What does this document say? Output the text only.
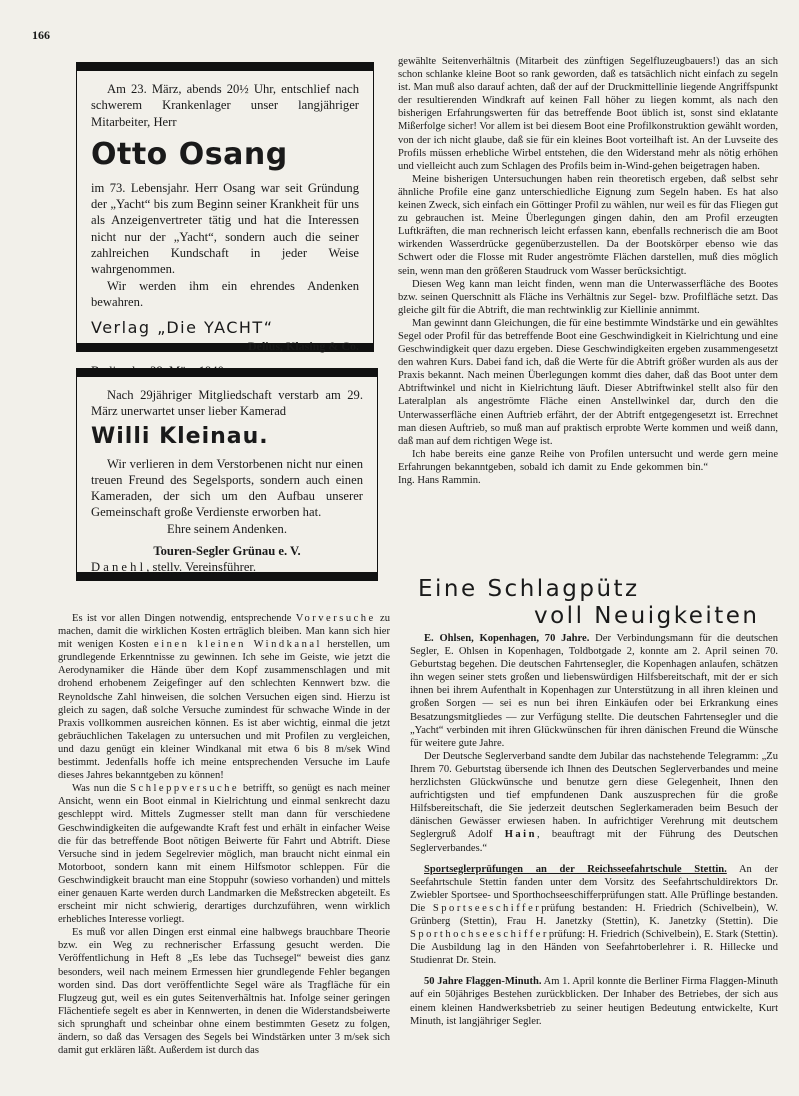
166

Am 23. März, abends 20½ Uhr, entschlief nach schwerem Krankenlager unser langjähriger Mitarbeiter, Herr

Otto Osang

im 73. Lebensjahr. Herr Osang war seit Gründung der „Yacht“ bis zum Beginn seiner Krankheit für uns als Anzeigenvertreter tätig und hat die Interessen nicht nur der „Yacht“, sondern auch die seiner zahlreichen Kundschaft in jeder Weise wahrgenommen.

Wir werden ihm ein ehrendes Andenken bewahren.

Verlag „Die YACHT“

Delius, Klasing & Co.

Berlin, den 28. März 1940.

Nach 29jähriger Mitgliedschaft verstarb am 29. März unerwartet unser lieber Kamerad

Willi Kleinau.

Wir verlieren in dem Verstorbenen nicht nur einen treuen Freund des Segelsports, sondern auch einen Kameraden, der sich um den Aufbau unserer Gemeinschaft große Verdienste erworben hat.

Ehre seinem Andenken.

Touren-Segler Grünau e. V.

D a n e h l , stellv. Vereinsführer.

Es ist vor allen Dingen notwendig, entsprechende Vorversuche zu machen, damit die wirklichen Kosten erträglich bleiben. Man kann sich hier mit wenigen Kosten einen kleinen Windkanal herstellen, um grundlegende Erkenntnisse zu gewinnen. Ich sehe im Geiste, wie jetzt die Aerodynamiker die Hände über dem Kopf zusammenschlagen und mit drohend erhobenem Zeigefinger auf den schlechten Kennwert bzw. die Reynoldsche Zahl hinweisen, die solchen Versuchen eigen sind. Hierzu ist gleich zu sagen, daß solche Versuche zumindest für schwache Winde in der Praxis vollkommen ausreichen können. Es ist aber wichtig, einmal die jetzt gebräuchlichen Takelagen zu untersuchen und mit Profilen zu vergleichen, und dazu genügt ein kleiner Windkanal mit etwa 6 bis 8 m/sek Wind bestimmt. Jedenfalls hoffe ich meine entsprechenden Versuche im Laufe dieses Jahres bekanntgeben zu können!

Was nun die Schleppversuche betrifft, so genügt es nach meiner Ansicht, wenn ein Boot einmal in Kielrichtung und einmal senkrecht dazu geschleppt wird. Mittels Zugmesser stellt man dann für verschiedene Geschwindigkeiten die aufgewandte Kraft fest und erhält in einfacher Weise die für das betreffende Boot nötigen Beiwerte für Fahrt und Abtrift. Diese Versuche sind in jedem Segelrevier möglich, man braucht nicht einmal ein Motorboot, sondern kann mit einem Hilfsmotor schleppen. Für die Geschwindigkeit braucht man eine Stoppuhr (sowieso vorhanden) und mittels einer genauen Karte werden durch Landmarken die Meßstrecken abgeteilt. Es erscheint mir nicht schwierig, derartiges durchzuführen, wenn wirklich erhebliches Interesse vorliegt.

Es muß vor allen Dingen erst einmal eine halbwegs brauchbare Theorie bzw. ein Weg zu rechnerischer Erfassung gesucht werden. Die Veröffentlichung in Heft 8 „Es lebe das Tuchsegel“ beweist dies ganz besonders, weil nach meinem Ermessen hier grundlegende Fehler begangen worden sind. Das dort veröffentlichte Segel wäre als Tragfläche für ein Flugzeug gut, weil es ein gutes Seitenverhältnis hat. Infolge seiner geringen Flächentiefe segelt es aber in Kennwerten, in denen die Widerstandsbeiwerte sich sprunghaft und scheinbar ohne einem bestimmten Gesetz zu folgen, ändern, so daß das Versagen des Segels bei Windstärken unter 3 m/sek sich damit gut erklären läßt. Außerdem ist durch das

gewählte Seitenverhältnis (Mitarbeit des zünftigen Segelfluzeugbauers!) das an sich schon schlanke kleine Boot so rank geworden, daß es tatsächlich nicht einfach zu segeln ist. Man muß also darauf achten, daß der auf der Druckmittellinie liegende Angriffspunkt der resultierenden Windkraft auf keinen Fall höher zu liegen kommt, als nach den bisherigen Erfahrungswerten für das betreffende Boot üblich ist, sonst sind eklatante Mißerfolge sicher! Vor allem ist bei diesem Boot eine Profilkonstruktion gewählt worden, von der ich nicht glaube, daß sie für ein kleines Boot vorteilhaft ist. An der Luvseite des Profils müssen erhebliche Wirbel entstehen, die den Widerstand mehr als nötig erhöhen und vielleicht auch zum Schlagen des Profils beim in-Wind-gehen beigetragen haben.

Meine bisherigen Untersuchungen haben rein theoretisch ergeben, daß selbst sehr ähnliche Profile eine ganz unterschiedliche Eignung zum Segeln haben. Es hat also keinen Zweck, sich einfach ein Göttinger Profil zu wählen, nur weil es für das Fliegen gut zu gebrauchen ist. Meine Überlegungen gingen dahin, den am Profil erzeugten Luftkräften, die man rechnerisch leicht erfassen kann, ebenfalls rechnerisch die am Boot wirkenden Wasserdrücke gegenüberzustellen. Da der Bootskörper ebenso wie das Schwert oder die Flosse mit Ruder angeströmte Flächen darstellen, muß dies möglich sein, wenn man den größeren Staudruck vom Wasser berücksichtigt.

Diesen Weg kann man leicht finden, wenn man die Unterwasserfläche des Bootes bzw. seinen Querschnitt als Fläche ins Verhältnis zur Segel- bzw. Profilfläche setzt. Das gleiche gilt für die Abtrift, die man rechtwinklig zur Kiellinie annimmt.

Man gewinnt dann Gleichungen, die für eine bestimmte Windstärke und ein gewähltes Segel oder Profil für das betreffende Boot eine Geschwindigkeit in Kielrichtung und eine Geschwindigkeit quer dazu ergeben. Diese Geschwindigkeiten ergeben zusammengesetzt den wahren Kurs. Dabei fand ich, daß die Werte für die Abtrift größer wurden als aus der Praxis bekannt. Nach meinen Überlegungen kommt dies daher, daß das Boot unter dem Abtriftwinkel und nicht in Kielrichtung läuft. Dieser Abtriftwinkel stellt also für den Lateralplan als angeströmte Fläche einen Anstellwinkel dar, durch den die Unterwasserfläche einen Auftrieb erfährt, der der Abtrift entgegengesetzt ist. Errechnet man diesen Auftrieb, so muß man auf praktisch erprobte Werte kommen und weiß dann, daß man auf dem richtigen Wege ist.

Ich habe bereits eine ganze Reihe von Profilen untersucht und werde gern meine Erfahrungen bekanntgeben, sobald ich damit zu Ende gekommen bin.“Ing. Hans Rammin.

Eine Schlagpütz
voll Neuigkeiten

E. Ohlsen, Kopenhagen, 70 Jahre. Der Verbindungsmann für die deutschen Segler, E. Ohlsen in Kopenhagen, Toldbotgade 2, konnte am 2. April seinen 70. Geburtstag begehen. Die deutschen Fahrtensegler, die Kopenhagen anlaufen, schätzen ihn wegen seiner stets großen und liebenswürdigen Hilfsbereitschaft, mit der er sich ihnen bei ihrem Aufenthalt in Kopenhagen zur Unterstützung in all ihren kleinen und großen Sorgen — sei es nun bei ihren Einkäufen oder bei Erkrankung eines Besatzungsmitgliedes — zur Verfügung stellte. Die deutschen Fahrtensegler und die „Yacht“ verbinden mit ihren Glückwünschen für ihren dänischen Freund die Wünsche für weitere gute Jahre.

Der Deutsche Seglerverband sandte dem Jubilar das nachstehende Telegramm: „Zu Ihrem 70. Geburtstag übersende ich Ihnen des Deutschen Seglerverbandes und meine herzlichsten Glückwünsche und benutze gern diese Gelegenheit, Ihnen den aufrichtigsten und tief empfundenen Dank auszusprechen für die große Hilfsbereitschaft, die Sie jederzeit deutschen Seglerkameraden beim Besuch der dänischen Gewässer erwiesen haben. In aufrichtiger Verehrung mit deutschem Seglergruß Adolf Hain, beauftragt mit der Führung des Deutschen Seglerverbandes.“

Sportseglerprüfungen an der Reichsseefahrtschule Stettin. An der Seefahrtschule Stettin fanden unter dem Vorsitz des Seefahrtschuldirektors Dr. Zwiebler Sportsee- und Sporthochseeschifferprüfungen statt. Alle Prüflinge bestanden. Die Sportseeschifferprüfung bestanden: H. Friedrich (Schivelbein), W. Grünberg (Stettin), Frau H. Janetzky (Stettin), K. Janetzky (Stettin). Die Sporthochseeschifferprüfung: H. Friedrich (Schivelbein), E. Stark (Stettin). Die Ausbildung lag in den Händen von Seefahrtoberlehrer i. R. Hillecke und Studienrat Dr. Stein.

50 Jahre Flaggen-Minuth. Am 1. April konnte die Berliner Firma Flaggen-Minuth auf ein 50jähriges Bestehen zurückblicken. Der Inhaber des Betriebes, der sich aus einem kleinen Handwerksbetrieb zu seiner heutigen Bedeutung entwickelte, Kurt Minuth, ist langjähriger Segler.
